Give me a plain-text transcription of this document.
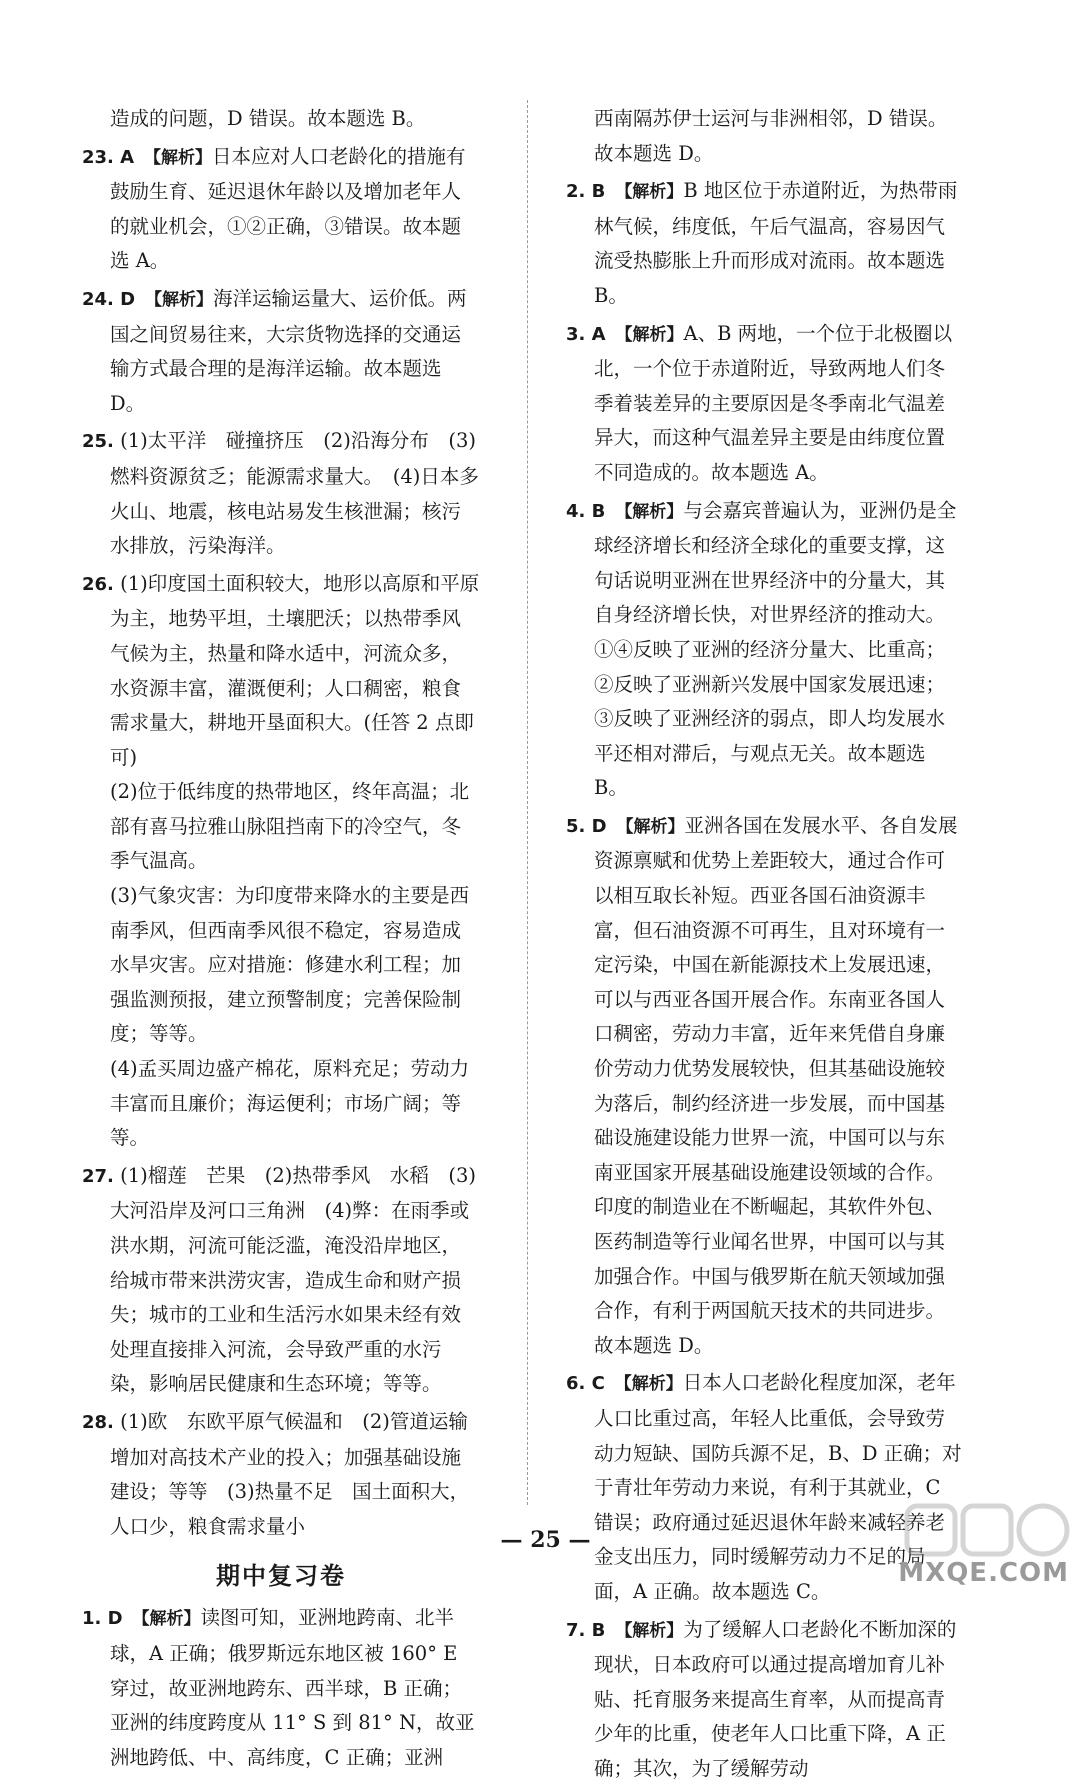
造成的问题，D 错误。故本题选 B。

23. A 【解析】日本应对人口老龄化的措施有鼓励生育、延迟退休年龄以及增加老年人的就业机会，①②正确，③错误。故本题选 A。

24. D 【解析】海洋运输运量大、运价低。两国之间贸易往来，大宗货物选择的交通运输方式最合理的是海洋运输。故本题选 D。

25. (1)太平洋　碰撞挤压　(2)沿海分布　(3)燃料资源贫乏；能源需求量大。　(4)日本多火山、地震，核电站易发生核泄漏；核污水排放，污染海洋。

26. (1)印度国土面积较大，地形以高原和平原为主，地势平坦，土壤肥沃；以热带季风气候为主，热量和降水适中，河流众多，水资源丰富，灌溉便利；人口稠密，粮食需求量大，耕地开垦面积大。(任答 2 点即可)
(2)位于低纬度的热带地区，终年高温；北部有喜马拉雅山脉阻挡南下的冷空气，冬季气温高。
(3)气象灾害：为印度带来降水的主要是西南季风，但西南季风很不稳定，容易造成水旱灾害。应对措施：修建水利工程；加强监测预报，建立预警制度；完善保险制度；等等。
(4)孟买周边盛产棉花，原料充足；劳动力丰富而且廉价；海运便利；市场广阔；等等。

27. (1)榴莲　芒果　(2)热带季风　水稻　(3)大河沿岸及河口三角洲　(4)弊：在雨季或洪水期，河流可能泛滥，淹没沿岸地区，给城市带来洪涝灾害，造成生命和财产损失；城市的工业和生活污水如果未经有效处理直接排入河流，会导致严重的水污染，影响居民健康和生态环境；等等。

28. (1)欧　东欧平原气候温和　(2)管道运输　增加对高技术产业的投入；加强基础设施建设；等等　(3)热量不足　国土面积大，人口少，粮食需求量小

期中复习卷

1. D 【解析】读图可知，亚洲地跨南、北半球，A 正确；俄罗斯远东地区被 160° E 穿过，故亚洲地跨东、西半球，B 正确；亚洲的纬度跨度从 11° S 到 81° N，故亚洲地跨低、中、高纬度，C 正确；亚洲

西南隔苏伊士运河与非洲相邻，D 错误。故本题选 D。

2. B 【解析】B 地区位于赤道附近，为热带雨林气候，纬度低，午后气温高，容易因气流受热膨胀上升而形成对流雨。故本题选 B。

3. A 【解析】A、B 两地，一个位于北极圈以北，一个位于赤道附近，导致两地人们冬季着装差异的主要原因是冬季南北气温差异大，而这种气温差异主要是由纬度位置不同造成的。故本题选 A。

4. B 【解析】与会嘉宾普遍认为，亚洲仍是全球经济增长和经济全球化的重要支撑，这句话说明亚洲在世界经济中的分量大，其自身经济增长快，对世界经济的推动大。①④反映了亚洲的经济分量大、比重高；②反映了亚洲新兴发展中国家发展迅速；③反映了亚洲经济的弱点，即人均发展水平还相对滞后，与观点无关。故本题选 B。

5. D 【解析】亚洲各国在发展水平、各自发展资源禀赋和优势上差距较大，通过合作可以相互取长补短。西亚各国石油资源丰富，但石油资源不可再生，且对环境有一定污染，中国在新能源技术上发展迅速，可以与西亚各国开展合作。东南亚各国人口稠密，劳动力丰富，近年来凭借自身廉价劳动力优势发展较快，但其基础设施较为落后，制约经济进一步发展，而中国基础设施建设能力世界一流，中国可以与东南亚国家开展基础设施建设领域的合作。印度的制造业在不断崛起，其软件外包、医药制造等行业闻名世界，中国可以与其加强合作。中国与俄罗斯在航天领域加强合作，有利于两国航天技术的共同进步。故本题选 D。

6. C 【解析】日本人口老龄化程度加深，老年人口比重过高，年轻人比重低，会导致劳动力短缺、国防兵源不足，B、D 正确；对于青壮年劳动力来说，有利于其就业，C 错误；政府通过延迟退休年龄来减轻养老金支出压力，同时缓解劳动力不足的局面，A 正确。故本题选 C。

7. B 【解析】为了缓解人口老龄化不断加深的现状，日本政府可以通过提高增加育儿补贴、托育服务来提高生育率，从而提高青少年的比重，使老年人口比重下降，A 正确；其次，为了缓解劳动

— 25 —
MXQE.COM
